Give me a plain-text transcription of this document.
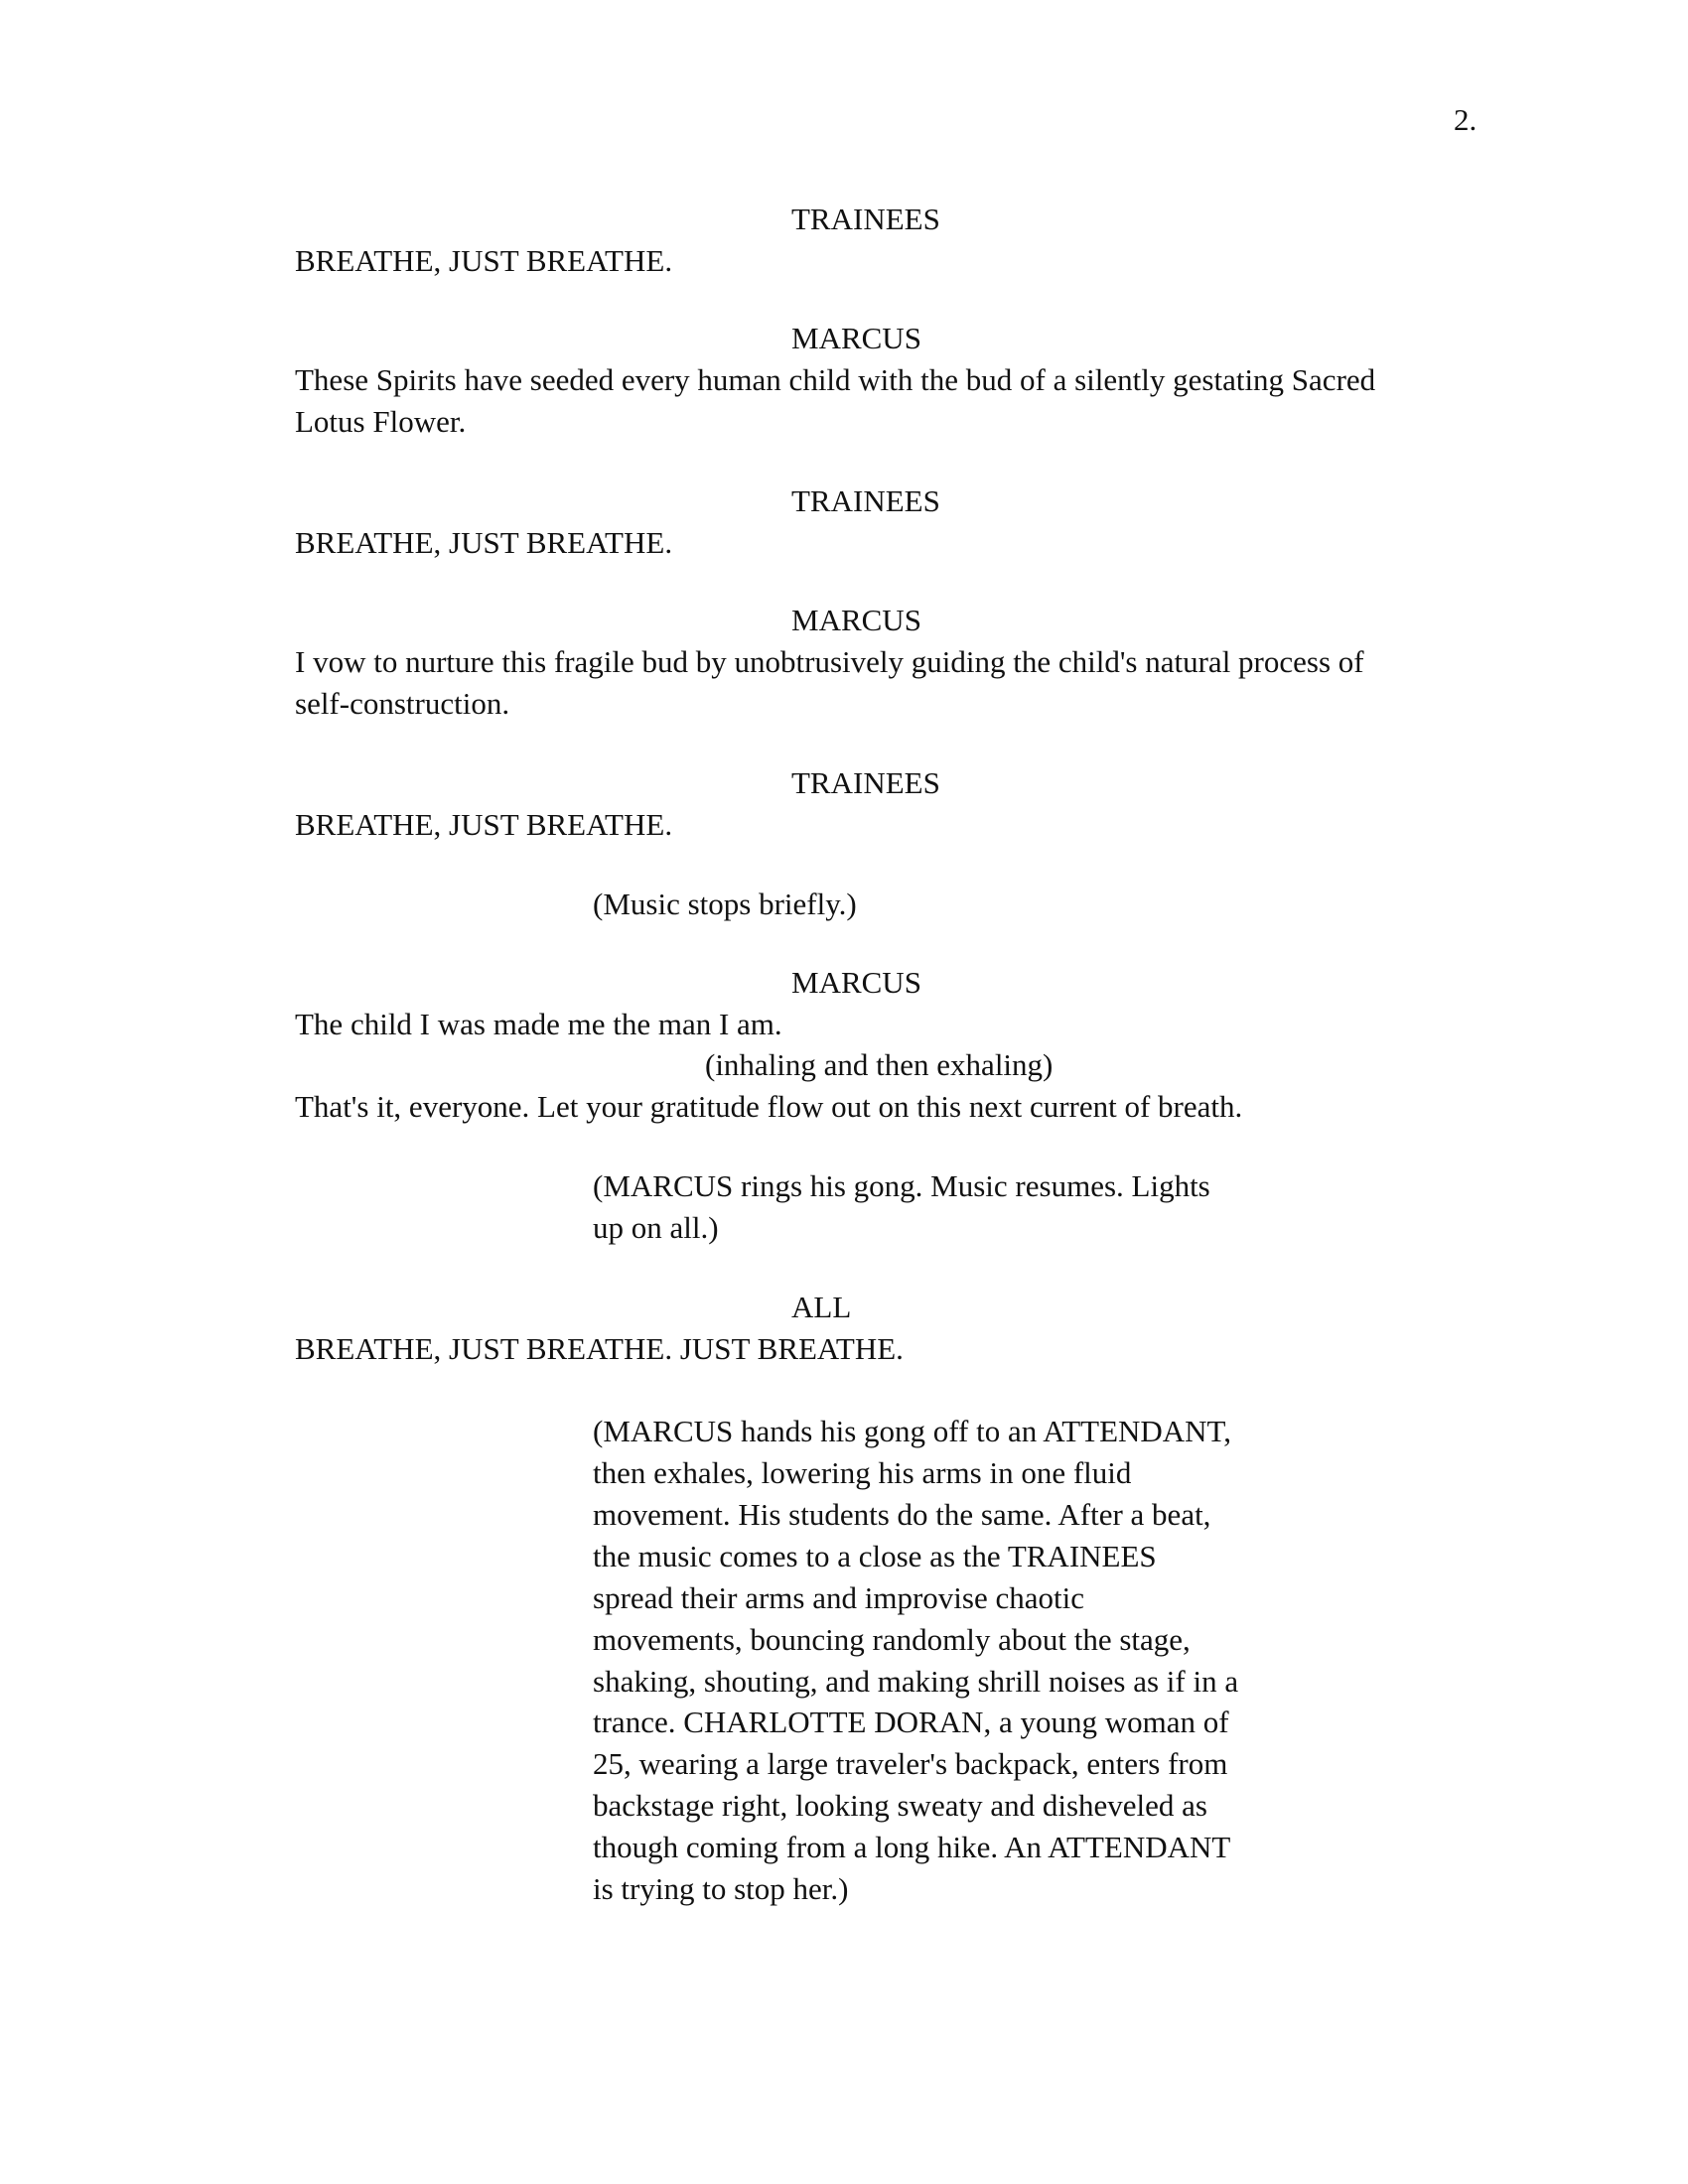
2.
TRAINEES
BREATHE, JUST BREATHE.
MARCUS
These Spirits have seeded every human child with the bud of a silently gestating Sacred
Lotus Flower.
TRAINEES
BREATHE, JUST BREATHE.
MARCUS
I vow to nurture this fragile bud by unobtrusively guiding the child's natural process of
self-construction.
TRAINEES
BREATHE, JUST BREATHE.
(Music stops briefly.)
MARCUS
The child I was made me the man I am.
(inhaling and then exhaling)
That's it, everyone. Let your gratitude flow out on this next current of breath.
(MARCUS rings his gong. Music resumes. Lights
up on all.)
ALL
BREATHE, JUST BREATHE. JUST BREATHE.
(MARCUS hands his gong off to an ATTENDANT,
then exhales, lowering his arms in one fluid
movement. His students do the same. After a beat,
the music comes to a close as the TRAINEES
spread their arms and improvise chaotic
movements, bouncing randomly about the stage,
shaking, shouting, and making shrill noises as if in a
trance. CHARLOTTE DORAN, a young woman of
25, wearing a large traveler's backpack, enters from
backstage right, looking sweaty and disheveled as
though coming from a long hike. An ATTENDANT
is trying to stop her.)
